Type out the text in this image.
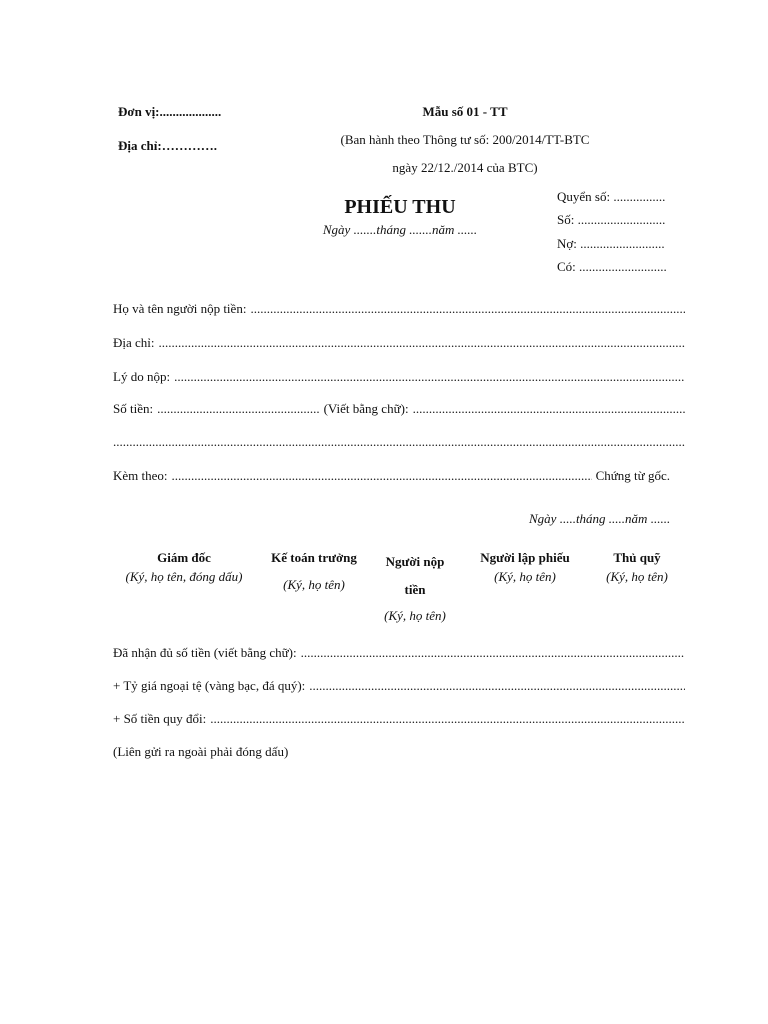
Đơn vị:...................
Địa chỉ:………….
Mẫu số 01 - TT
(Ban hành theo Thông tư số: 200/2014/TT-BTC
ngày 22/12./2014 của BTC)
PHIẾU THU
Ngày .......tháng .......năm ......
Quyển số: ................
Số: ...........................
Nợ: ..........................
Có: ...........................
Họ và tên người nộp tiền:
.....
Địa chỉ:
.....
Lý do nộp:
.....
Số tiền: .................................................. (Viết bằng chữ):
.....
.....
Kèm theo:
.....	Chứng từ gốc.
Ngày .....tháng .....năm ......
Giám đốc
(Ký, họ tên, đóng dấu)
Kế toán trưởng
(Ký, họ tên)
Người nộp tiền
(Ký, họ tên)
Người lập phiếu
(Ký, họ tên)
Thủ quỹ
(Ký, họ tên)
Đã nhận đủ số tiền (viết bằng chữ):
.....
+ Tỷ giá ngoại tệ (vàng bạc, đá quý):
.....
+ Số tiền quy đổi:
.....
(Liên gửi ra ngoài phải đóng dấu)
